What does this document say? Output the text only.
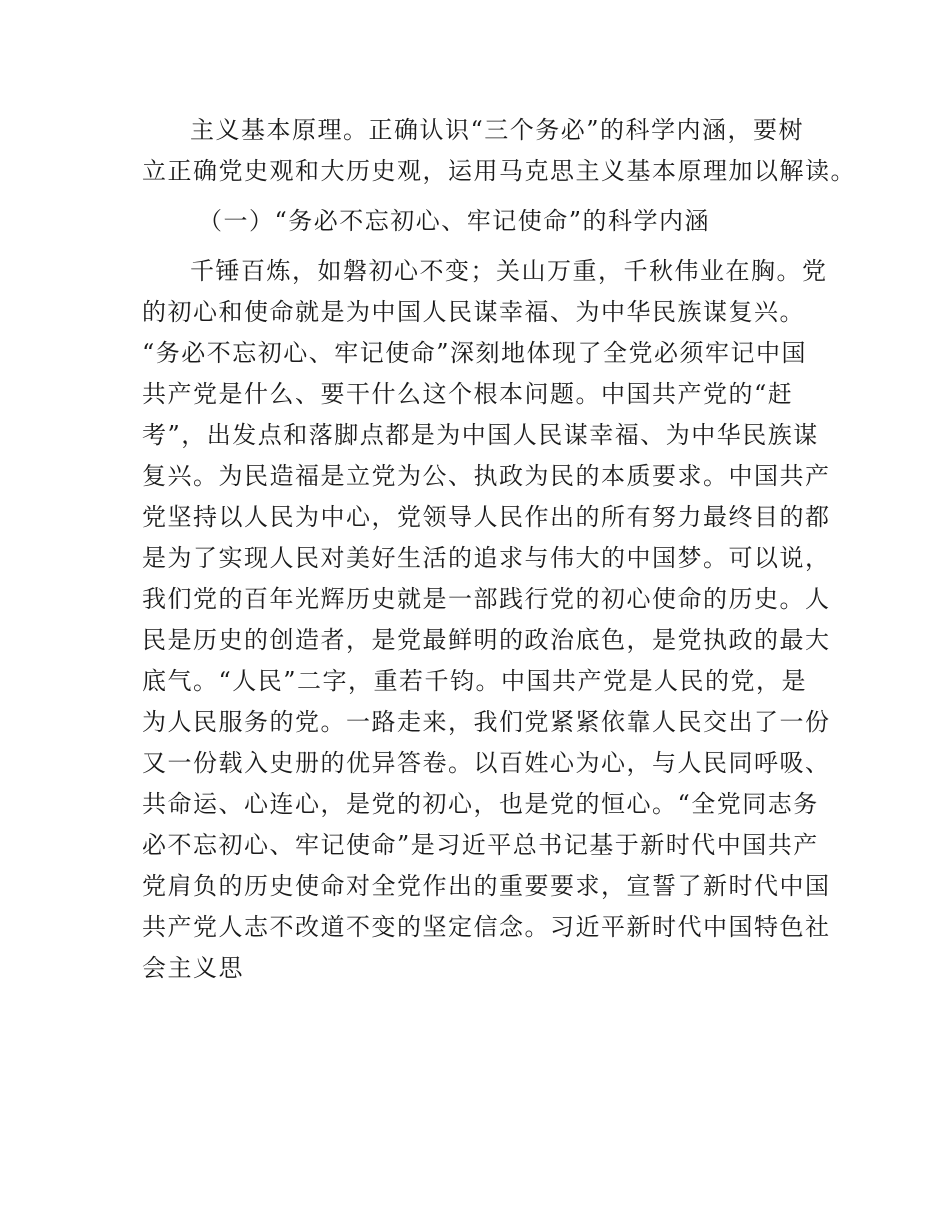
主义基本原理。正确认识“三个务必”的科学内涵，要树
立正确党史观和大历史观，运用马克思主义基本原理加以解读。
（一）“务必不忘初心、牢记使命”的科学内涵
千锤百炼，如磐初心不变；关山万重，千秋伟业在胸。党
的初心和使命就是为中国人民谋幸福、为中华民族谋复兴。
“务必不忘初心、牢记使命”深刻地体现了全党必须牢记中国
共产党是什么、要干什么这个根本问题。中国共产党的“赶
考”，出发点和落脚点都是为中国人民谋幸福、为中华民族谋
复兴。为民造福是立党为公、执政为民的本质要求。中国共产
党坚持以人民为中心，党领导人民作出的所有努力最终目的都
是为了实现人民对美好生活的追求与伟大的中国梦。可以说，
我们党的百年光辉历史就是一部践行党的初心使命的历史。人
民是历史的创造者，是党最鲜明的政治底色，是党执政的最大
底气。“人民”二字，重若千钧。中国共产党是人民的党，是
为人民服务的党。一路走来，我们党紧紧依靠人民交出了一份
又一份载入史册的优异答卷。以百姓心为心，与人民同呼吸、
共命运、心连心，是党的初心，也是党的恒心。“全党同志务
必不忘初心、牢记使命”是习近平总书记基于新时代中国共产
党肩负的历史使命对全党作出的重要要求，宣誓了新时代中国
共产党人志不改道不变的坚定信念。习近平新时代中国特色社
会主义思
